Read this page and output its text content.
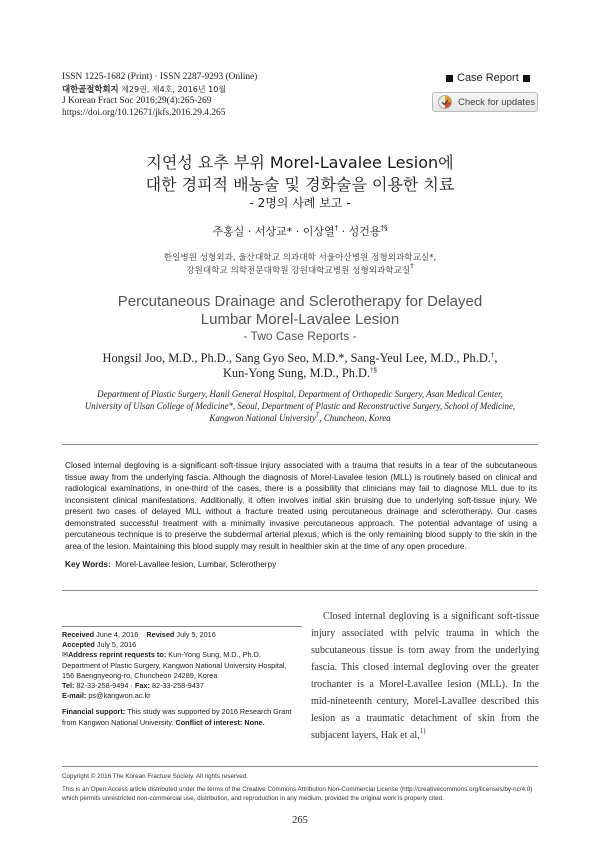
ISSN 1225-1682 (Print) · ISSN 2287-9293 (Online)
대한골절학회지 제29권, 제4호, 2016년 10월
J Korean Fract Soc 2016;29(4):265-269
https://doi.org/10.12671/jkfs.2016.29.4.265
Case Report
Check for updates
지연성 요추 부위 Morel-Lavalee Lesion에
대한 경피적 배농술 및 경화술을 이용한 치료
- 2명의 사례 보고 -
주홍실 · 서상교* · 이상열† · 성건용†§
한일병원 성형외과, 울산대학교 의과대학 서울아산병원 정형외과학교실*,
강원대학교 의학전문대학원 강원대학교병원 성형외과학교실†
Percutaneous Drainage and Sclerotherapy for Delayed
Lumbar Morel-Lavalee Lesion
- Two Case Reports -
Hongsil Joo, M.D., Ph.D., Sang Gyo Seo, M.D.*, Sang-Yeul Lee, M.D., Ph.D.†,
Kun-Yong Sung, M.D., Ph.D.†§
Department of Plastic Surgery, Hanil General Hospital, Department of Orthopedic Surgery, Asan Medical Center,
University of Ulsan College of Medicine*, Seoul, Department of Plastic and Reconstructive Surgery, School of Medicine,
Kangwon National University†, Chuncheon, Korea

Closed internal degloving is a significant soft-tissue injury associated with a trauma that results in a tear of the subcutaneous tissue away from the underlying fascia. Although the diagnosis of Morel-Lavalee lesion (MLL) is routinely based on clinical and radiological examinations, in one-third of the cases, there is a possibility that clinicians may fail to diagnose MLL due to its inconsistent clinical manifestations. Additionally, it often involves initial skin bruising due to underlying soft-tissue injury. We present two cases of delayed MLL without a fracture treated using percutaneous drainage and sclerotherapy. Our cases demonstrated successful treatment with a minimally invasive percutaneous approach. The potential advantage of using a percutaneous technique is to preserve the subdermal arterial plexus, which is the only remaining blood supply to the skin in the area of the lesion. Maintaining this blood supply may result in healthier skin at the time of any open procedure.

Key Words: Morel-Lavallee lesion, Lumbar, Sclerotherpy
Received June 4, 2016 Revised July 5, 2016
Accepted July 5, 2016
✉Address reprint requests to: Kun-Yong Sung, M.D., Ph.D.
Department of Plastic Surgery, Kangwon National University Hospital,
156 Baengnyeong-ro, Chuncheon 24289, Korea
Tel: 82-33-258-9494 · Fax: 82-33-258-9437
E-mail: ps@kangwon.ac.kr
Financial support: This study was supported by 2016 Research Grant from Kangwon National University. Conflict of interest: None.

Closed internal degloving is a significant soft-tissue injury associated with pelvic trauma in which the subcutaneous tissue is torn away from the underlying fascia. This closed internal degloving over the greater trochanter is a Morel-Lavallee lesion (MLL). In the mid-nineteenth century, Morel-Lavallee described this lesion as a traumatic detachment of skin from the subjacent layers, Hak et al,$^{1)}$

Copyright © 2016 The Korean Fracture Society. All rights reserved.
This is an Open Access article distributed under the terms of the Creative Commons Attribution Non-Commercial License (http://creativecommons.org/licenses/by-nc/4.0) which permits unrestricted non-commercial use, distribution, and reproduction in any medium, provided the original work is properly cited.
265
